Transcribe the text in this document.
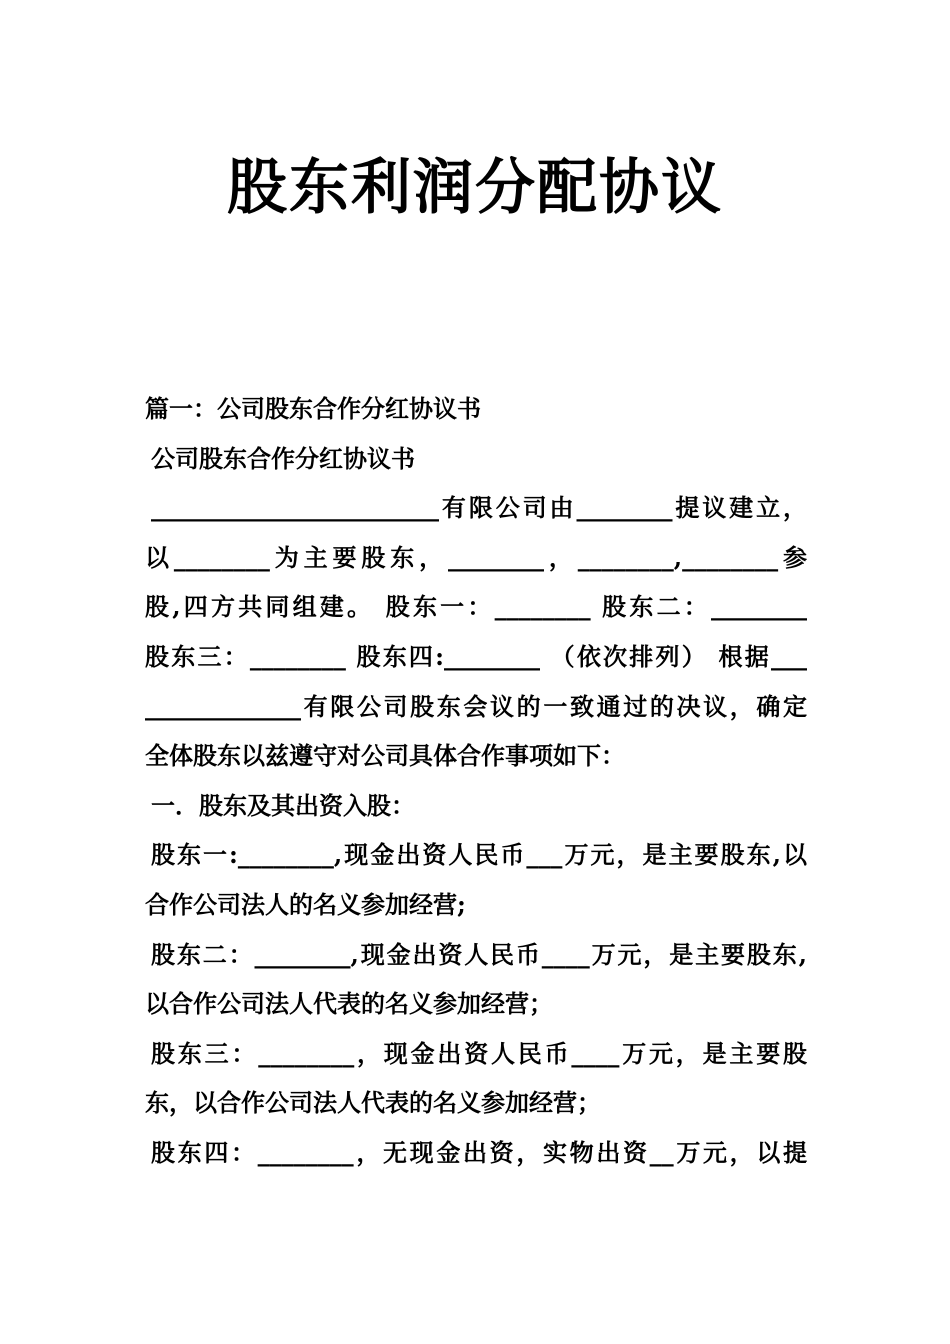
股东利润分配协议
篇一：公司股东合作分红协议书
公司股东合作分红协议书
________________________有限公司由________提议建立，
以________为主要股东，________，________,________参
股,四方共同组建。 股东一：________ 股东二：________
股东三：________ 股东四:________ （依次排列） 根据___
_____________有限公司股东会议的一致通过的决议，确定
全体股东以兹遵守对公司具体合作事项如下：
一．股东及其出资入股：
股东一:________,现金出资人民币___万元，是主要股东,以
合作公司法人的名义参加经营;
股东二：________,现金出资人民币____万元，是主要股东,
以合作公司法人代表的名义参加经营；
股东三：________，现金出资人民币____万元，是主要股
东，以合作公司法人代表的名义参加经营；
股东四：________，无现金出资，实物出资__万元，以提
